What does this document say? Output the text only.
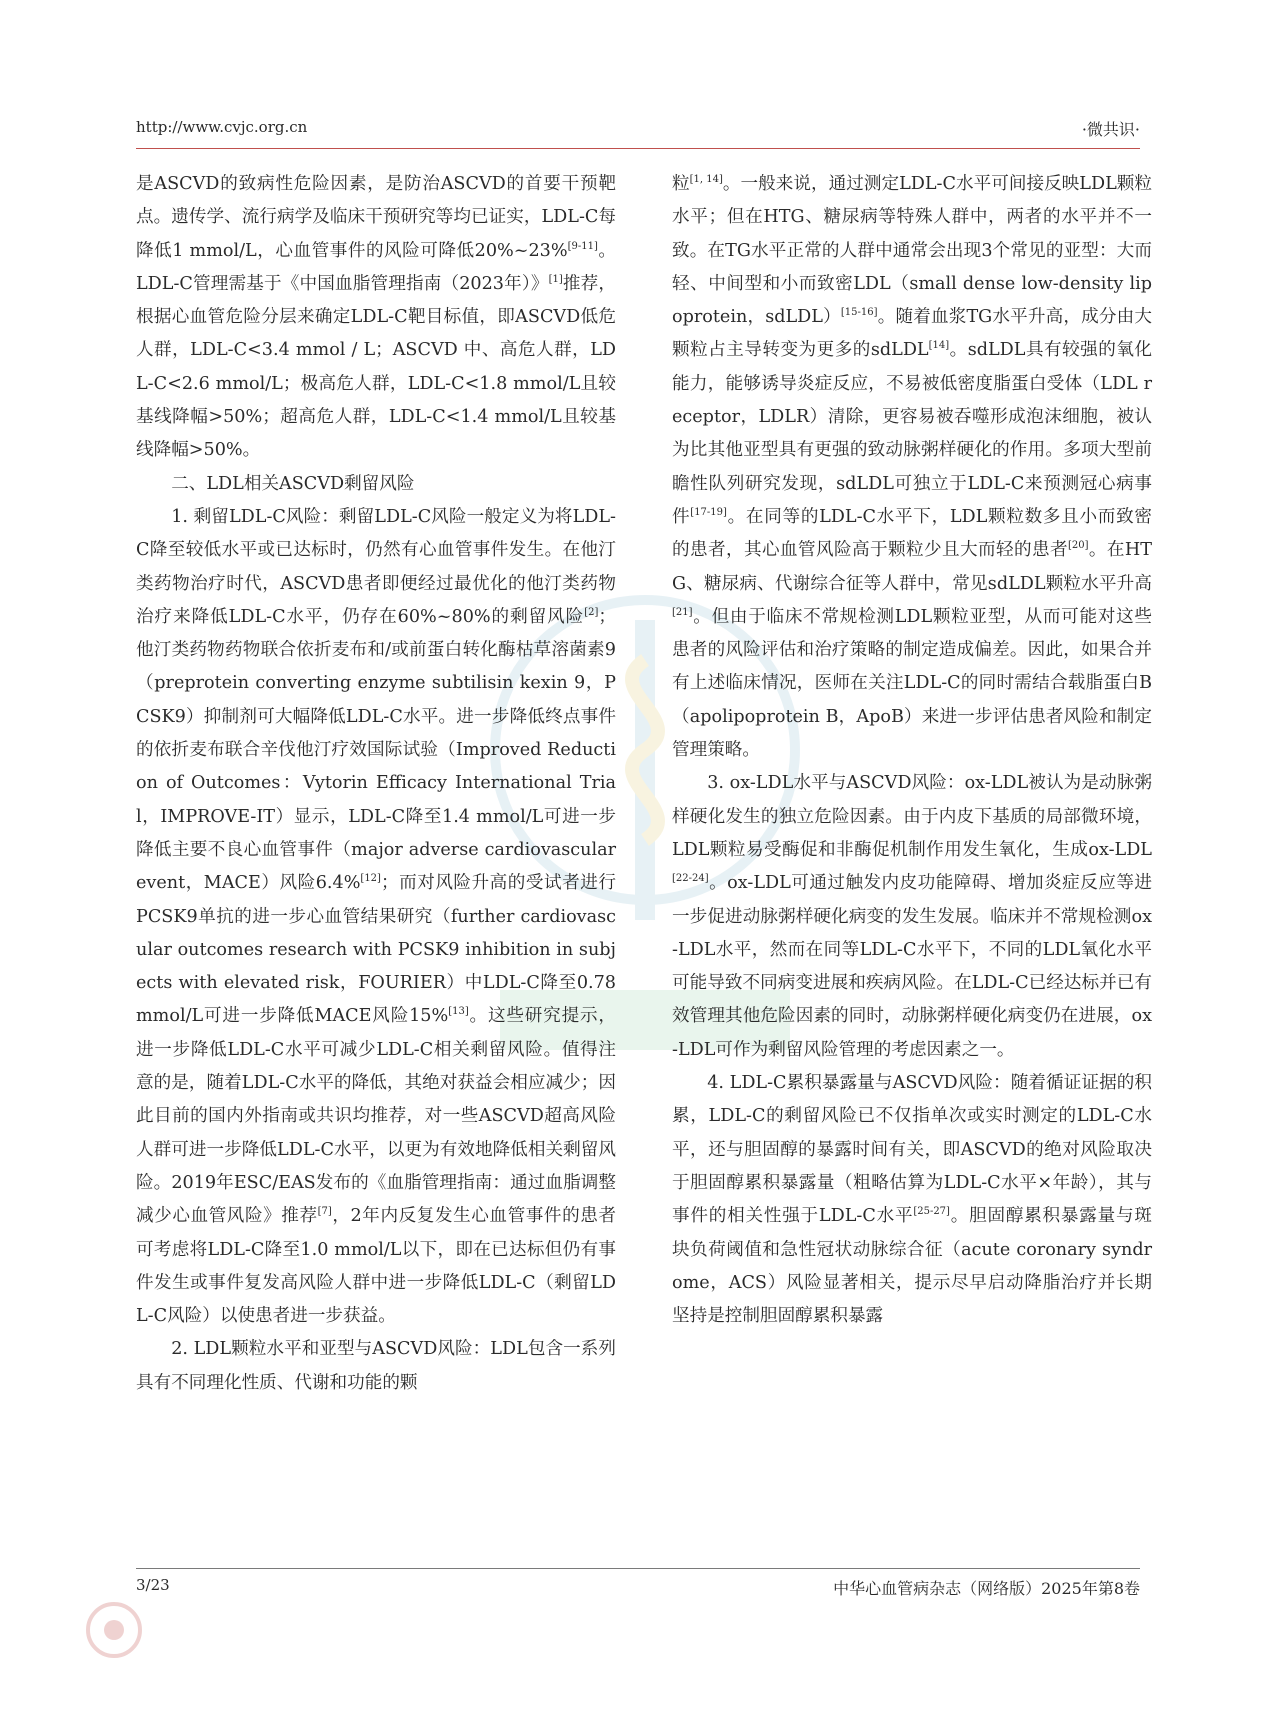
http://www.cvjc.org.cn	·微共识·

是ASCVD的致病性危险因素，是防治ASCVD的首要干预靶点。遗传学、流行病学及临床干预研究等均已证实，LDL-C每降低1 mmol/L，心血管事件的风险可降低20%~23%[9-11]。LDL-C管理需基于《中国血脂管理指南（2023年）》[1]推荐，根据心血管危险分层来确定LDL-C靶目标值，即ASCVD低危人群，LDL-C<3.4 mmol / L；ASCVD 中、高危人群，LDL-C<2.6 mmol/L；极高危人群，LDL-C<1.8 mmol/L且较基线降幅>50%；超高危人群，LDL-C<1.4 mmol/L且较基线降幅>50%。

二、LDL相关ASCVD剩留风险

1. 剩留LDL-C风险：剩留LDL-C风险一般定义为将LDL-C降至较低水平或已达标时，仍然有心血管事件发生。在他汀类药物治疗时代，ASCVD患者即便经过最优化的他汀类药物治疗来降低LDL-C水平，仍存在60%~80%的剩留风险[2]；他汀类药物药物联合依折麦布和/或前蛋白转化酶枯草溶菌素9（preprotein converting enzyme subtilisin kexin 9，PCSK9）抑制剂可大幅降低LDL-C水平。进一步降低终点事件的依折麦布联合辛伐他汀疗效国际试验（Improved Reduction of Outcomes：Vytorin Efficacy International Trial，IMPROVE-IT）显示，LDL-C降至1.4 mmol/L可进一步降低主要不良心血管事件（major adverse cardiovascular event，MACE）风险6.4%[12]；而对风险升高的受试者进行PCSK9单抗的进一步心血管结果研究（further cardiovascular outcomes research with PCSK9 inhibition in subjects with elevated risk，FOURIER）中LDL-C降至0.78 mmol/L可进一步降低MACE风险15%[13]。这些研究提示，进一步降低LDL-C水平可减少LDL-C相关剩留风险。值得注意的是，随着LDL-C水平的降低，其绝对获益会相应减少；因此目前的国内外指南或共识均推荐，对一些ASCVD超高风险人群可进一步降低LDL-C水平，以更为有效地降低相关剩留风险。2019年ESC/EAS发布的《血脂管理指南：通过血脂调整减少心血管风险》推荐[7]，2年内反复发生心血管事件的患者可考虑将LDL-C降至1.0 mmol/L以下，即在已达标但仍有事件发生或事件复发高风险人群中进一步降低LDL-C（剩留LDL-C风险）以使患者进一步获益。

2. LDL颗粒水平和亚型与ASCVD风险：LDL包含一系列具有不同理化性质、代谢和功能的颗

粒[1, 14]。一般来说，通过测定LDL-C水平可间接反映LDL颗粒水平；但在HTG、糖尿病等特殊人群中，两者的水平并不一致。在TG水平正常的人群中通常会出现3个常见的亚型：大而轻、中间型和小而致密LDL（small dense low-density lipoprotein，sdLDL）[15-16]。随着血浆TG水平升高，成分由大颗粒占主导转变为更多的sdLDL[14]。sdLDL具有较强的氧化能力，能够诱导炎症反应，不易被低密度脂蛋白受体（LDL receptor，LDLR）清除，更容易被吞噬形成泡沫细胞，被认为比其他亚型具有更强的致动脉粥样硬化的作用。多项大型前瞻性队列研究发现，sdLDL可独立于LDL-C来预测冠心病事件[17-19]。在同等的LDL-C水平下，LDL颗粒数多且小而致密的患者，其心血管风险高于颗粒少且大而轻的患者[20]。在HTG、糖尿病、代谢综合征等人群中，常见sdLDL颗粒水平升高[21]。但由于临床不常规检测LDL颗粒亚型，从而可能对这些患者的风险评估和治疗策略的制定造成偏差。因此，如果合并有上述临床情况，医师在关注LDL-C的同时需结合载脂蛋白B（apolipoprotein B，ApoB）来进一步评估患者风险和制定管理策略。

3. ox-LDL水平与ASCVD风险：ox-LDL被认为是动脉粥样硬化发生的独立危险因素。由于内皮下基质的局部微环境，LDL颗粒易受酶促和非酶促机制作用发生氧化，生成ox-LDL[22-24]。ox-LDL可通过触发内皮功能障碍、增加炎症反应等进一步促进动脉粥样硬化病变的发生发展。临床并不常规检测ox-LDL水平，然而在同等LDL-C水平下，不同的LDL氧化水平可能导致不同病变进展和疾病风险。在LDL-C已经达标并已有效管理其他危险因素的同时，动脉粥样硬化病变仍在进展，ox-LDL可作为剩留风险管理的考虑因素之一。

4. LDL-C累积暴露量与ASCVD风险：随着循证证据的积累，LDL-C的剩留风险已不仅指单次或实时测定的LDL-C水平，还与胆固醇的暴露时间有关，即ASCVD的绝对风险取决于胆固醇累积暴露量（粗略估算为LDL-C水平×年龄），其与事件的相关性强于LDL-C水平[25-27]。胆固醇累积暴露量与斑块负荷阈值和急性冠状动脉综合征（acute coronary syndrome，ACS）风险显著相关，提示尽早启动降脂治疗并长期坚持是控制胆固醇累积暴露

3/23	中华心血管病杂志（网络版）2025年第8卷
